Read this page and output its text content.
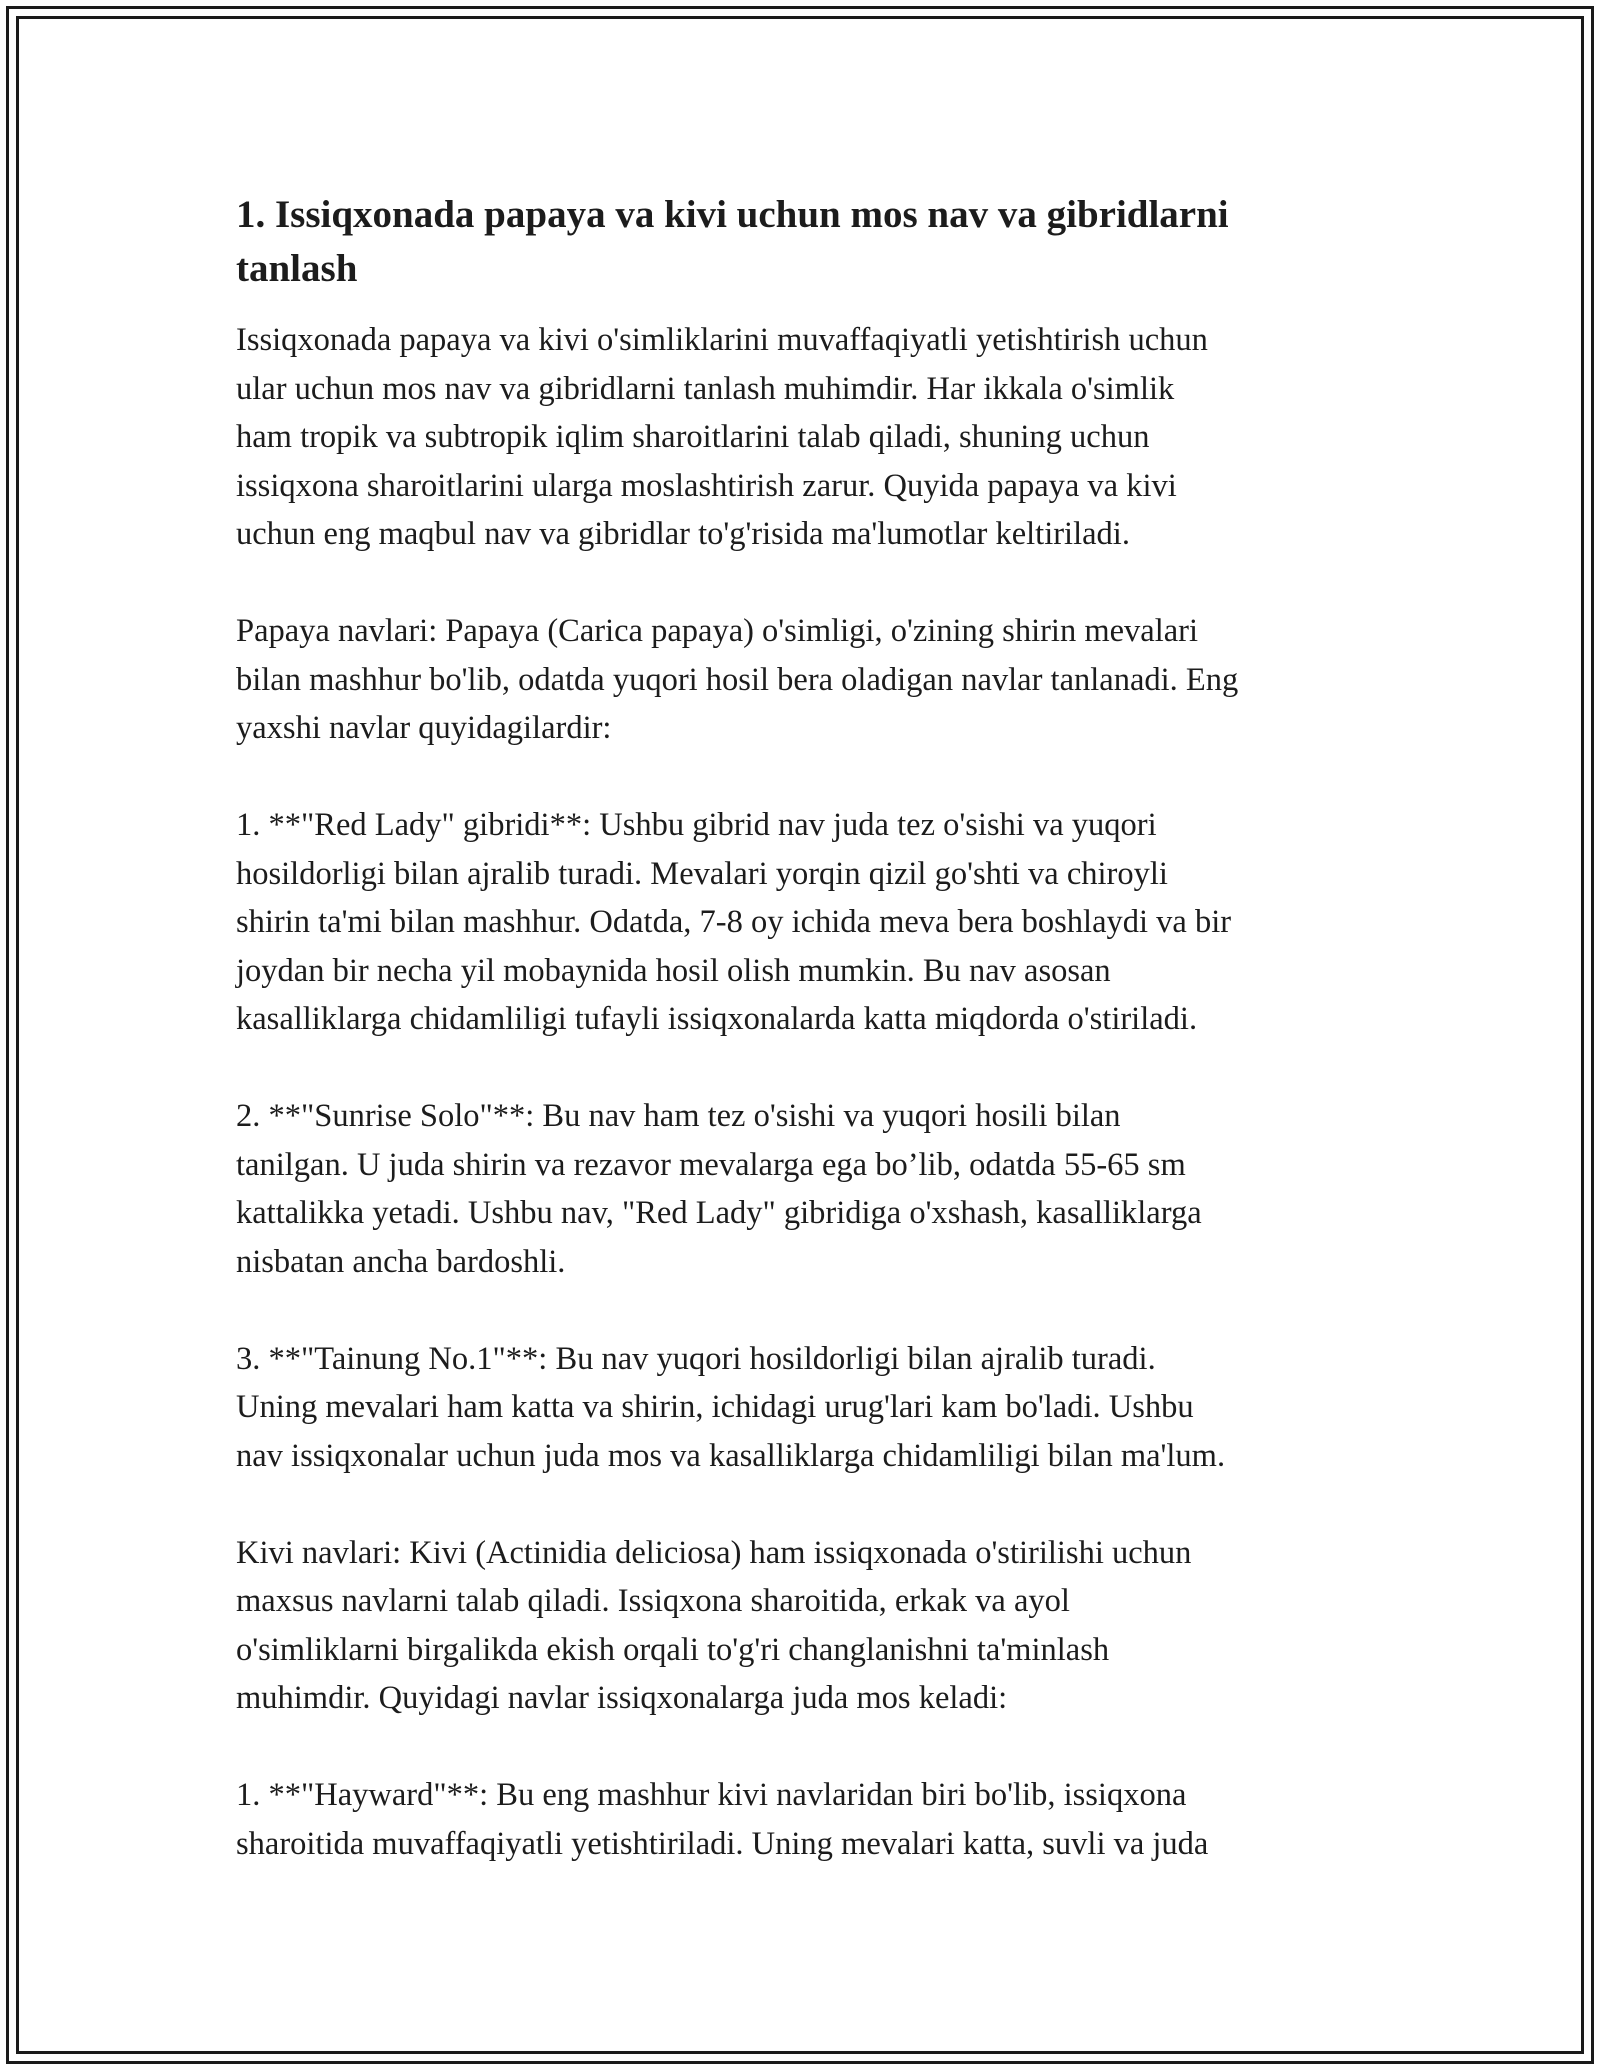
1. Issiqxonada papaya va kivi uchun mos nav va gibridlarni
tanlash

Issiqxonada papaya va kivi o'simliklarini muvaffaqiyatli yetishtirish uchun
ular uchun mos nav va gibridlarni tanlash muhimdir. Har ikkala o'simlik
ham tropik va subtropik iqlim sharoitlarini talab qiladi, shuning uchun
issiqxona sharoitlarini ularga moslashtirish zarur. Quyida papaya va kivi
uchun eng maqbul nav va gibridlar to'g'risida ma'lumotlar keltiriladi.

Papaya navlari: Papaya (Carica papaya) o'simligi, o'zining shirin mevalari
bilan mashhur bo'lib, odatda yuqori hosil bera oladigan navlar tanlanadi. Eng
yaxshi navlar quyidagilardir:

1. **"Red Lady" gibridi**: Ushbu gibrid nav juda tez o'sishi va yuqori
hosildorligi bilan ajralib turadi. Mevalari yorqin qizil go'shti va chiroyli
shirin ta'mi bilan mashhur. Odatda, 7-8 oy ichida meva bera boshlaydi va bir
joydan bir necha yil mobaynida hosil olish mumkin. Bu nav asosan
kasalliklarga chidamliligi tufayli issiqxonalarda katta miqdorda o'stiriladi.

2. **"Sunrise Solo"**: Bu nav ham tez o'sishi va yuqori hosili bilan
tanilgan. U juda shirin va rezavor mevalarga ega bo’lib, odatda 55-65 sm
kattalikka yetadi. Ushbu nav, "Red Lady" gibridiga o'xshash, kasalliklarga
nisbatan ancha bardoshli.

3. **"Tainung No.1"**: Bu nav yuqori hosildorligi bilan ajralib turadi.
Uning mevalari ham katta va shirin, ichidagi urug'lari kam bo'ladi. Ushbu
nav issiqxonalar uchun juda mos va kasalliklarga chidamliligi bilan ma'lum.

Kivi navlari: Kivi (Actinidia deliciosa) ham issiqxonada o'stirilishi uchun
maxsus navlarni talab qiladi. Issiqxona sharoitida, erkak va ayol
o'simliklarni birgalikda ekish orqali to'g'ri changlanishni ta'minlash
muhimdir. Quyidagi navlar issiqxonalarga juda mos keladi:

1. **"Hayward"**: Bu eng mashhur kivi navlaridan biri bo'lib, issiqxona
sharoitida muvaffaqiyatli yetishtiriladi. Uning mevalari katta, suvli va juda
